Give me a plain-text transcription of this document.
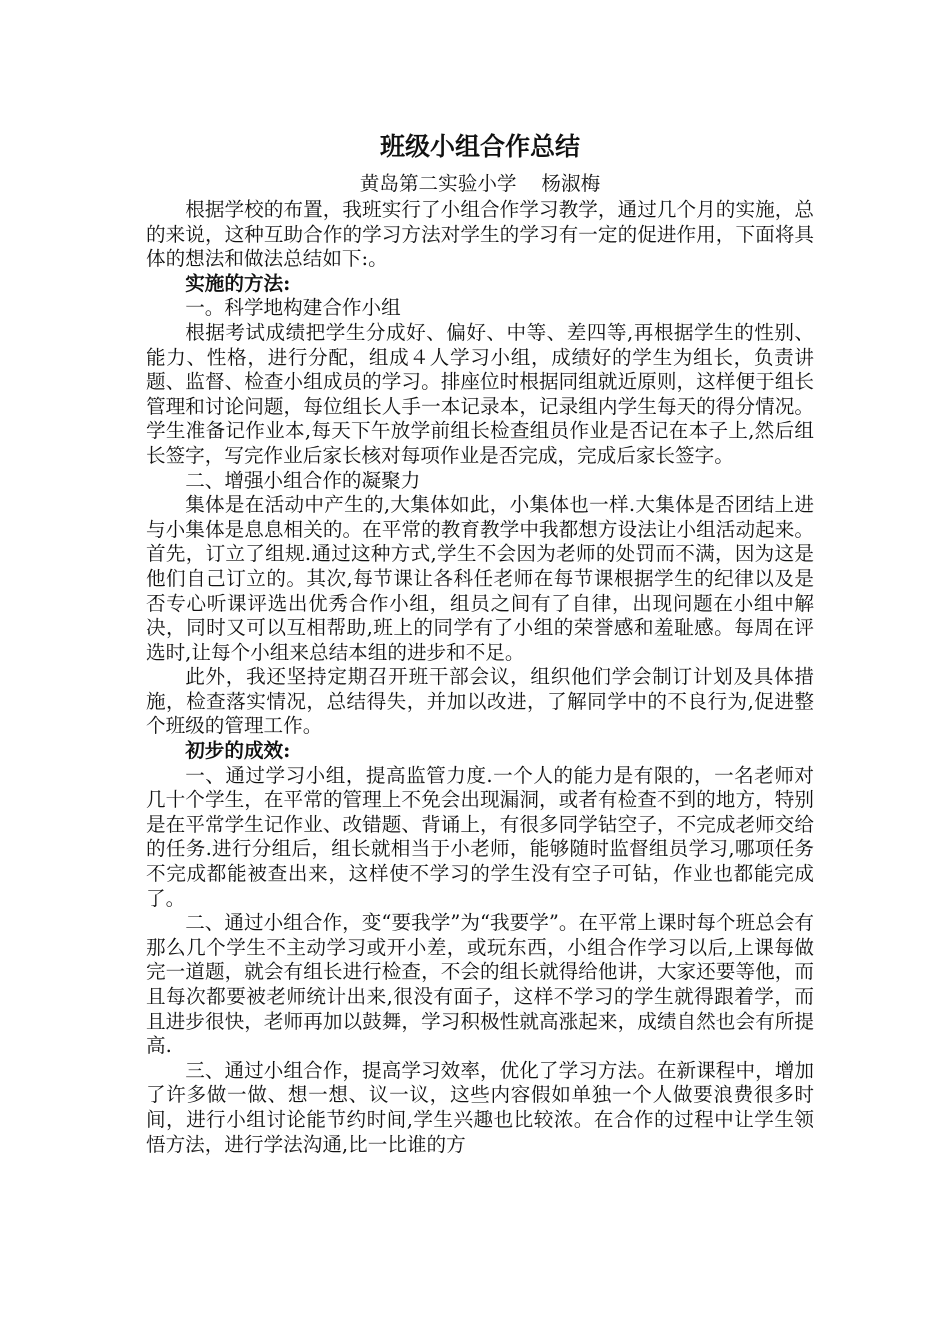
班级小组合作总结

黄岛第二实验小学    杨淑梅

根据学校的布置，我班实行了小组合作学习教学，通过几个月的实施，总的来说，这种互助合作的学习方法对学生的学习有一定的促进作用，下面将具体的想法和做法总结如下:。

实施的方法:

一。科学地构建合作小组

根据考试成绩把学生分成好、偏好、中等、差四等,再根据学生的性别、能力、性格，进行分配，组成４人学习小组，成绩好的学生为组长，负责讲题、监督、检查小组成员的学习。排座位时根据同组就近原则，这样便于组长管理和讨论问题，每位组长人手一本记录本，记录组内学生每天的得分情况。学生准备记作业本,每天下午放学前组长检查组员作业是否记在本子上,然后组长签字，写完作业后家长核对每项作业是否完成，完成后家长签字。

二、增强小组合作的凝聚力

集体是在活动中产生的,大集体如此，小集体也一样.大集体是否团结上进与小集体是息息相关的。在平常的教育教学中我都想方设法让小组活动起来。首先，订立了组规.通过这种方式,学生不会因为老师的处罚而不满，因为这是他们自己订立的。其次,每节课让各科任老师在每节课根据学生的纪律以及是否专心听课评选出优秀合作小组，组员之间有了自律，出现问题在小组中解决，同时又可以互相帮助,班上的同学有了小组的荣誉感和羞耻感。每周在评选时,让每个小组来总结本组的进步和不足。

此外，我还坚持定期召开班干部会议，组织他们学会制订计划及具体措施，检查落实情况，总结得失，并加以改进，了解同学中的不良行为,促进整个班级的管理工作。

初步的成效:

一、通过学习小组，提高监管力度.一个人的能力是有限的，一名老师对几十个学生，在平常的管理上不免会出现漏洞，或者有检查不到的地方，特别是在平常学生记作业、改错题、背诵上，有很多同学钻空子，不完成老师交给的任务.进行分组后，组长就相当于小老师，能够随时监督组员学习,哪项任务不完成都能被查出来，这样使不学习的学生没有空子可钻，作业也都能完成了。

二、通过小组合作，变“要我学”为“我要学”。在平常上课时每个班总会有那么几个学生不主动学习或开小差，或玩东西，小组合作学习以后,上课每做完一道题，就会有组长进行检查，不会的组长就得给他讲，大家还要等他，而且每次都要被老师统计出来,很没有面子，这样不学习的学生就得跟着学，而且进步很快，老师再加以鼓舞，学习积极性就高涨起来，成绩自然也会有所提高.

三、通过小组合作，提高学习效率，优化了学习方法。在新课程中，增加了许多做一做、想一想、议一议，这些内容假如单独一个人做要浪费很多时间，进行小组讨论能节约时间,学生兴趣也比较浓。在合作的过程中让学生领悟方法，进行学法沟通,比一比谁的方
